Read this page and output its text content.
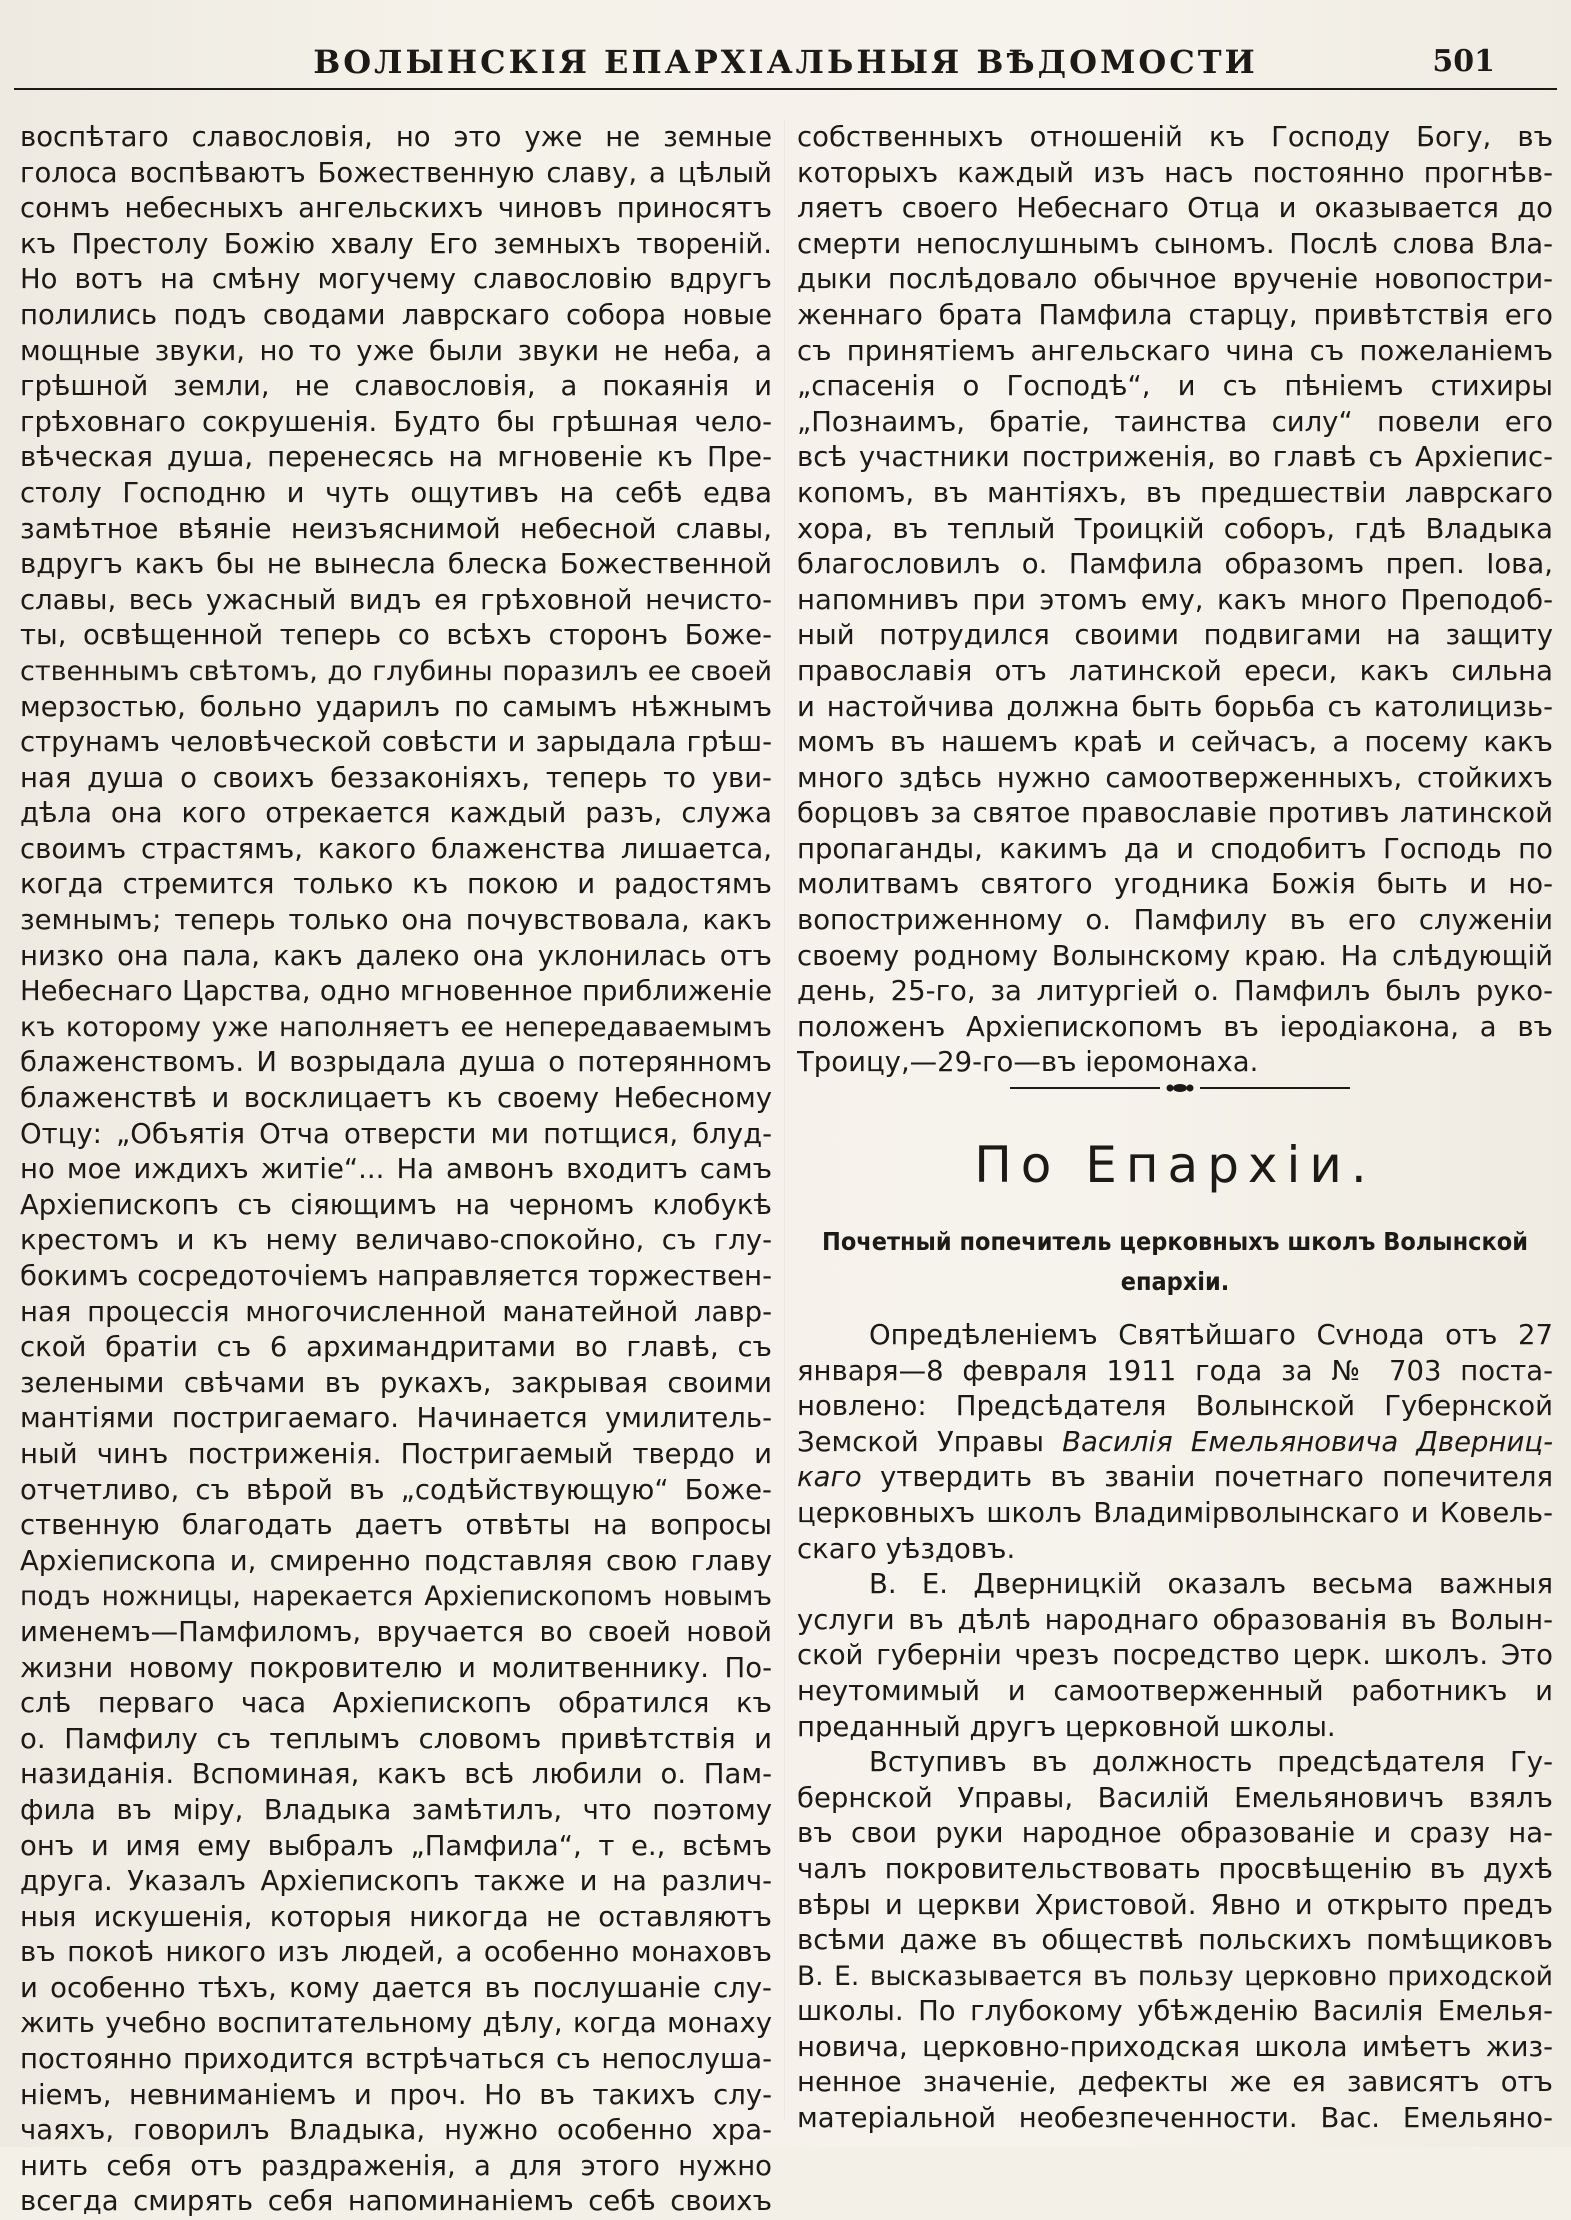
ВОЛЫНСКІЯ ЕПАРХІАЛЬНЫЯ ВѢДОМОСТИ	501
воспѣтаго славословія, но это уже не земные
голоса воспѣваютъ Божественную славу, а цѣлый
сонмъ небесныхъ ангельскихъ чиновъ приносятъ
къ Престолу Божію хвалу Его земныхъ твореній.
Но вотъ на смѣну могучему славословію вдругъ
полились подъ сводами лаврскаго собора новые
мощные звуки, но то уже были звуки не неба, а
грѣшной земли, не славословія, а покаянія и
грѣховнаго сокрушенія. Будто бы грѣшная чело-
вѣческая душа, перенесясь на мгновеніе къ Пре-
столу Господню и чуть ощутивъ на себѣ едва
замѣтное вѣяніе неизъяснимой небесной славы,
вдругъ какъ бы не вынесла блеска Божественной
славы, весь ужасный видъ ея грѣховной нечисто-
ты, освѣщенной теперь со всѣхъ сторонъ Боже-
ственнымъ свѣтомъ, до глубины поразилъ ее своей
мерзостью, больно ударилъ по самымъ нѣжнымъ
струнамъ человѣческой совѣсти и зарыдала грѣш-
ная душа о своихъ беззаконіяхъ, теперь то уви-
дѣла она кого отрекается каждый разъ, служа
своимъ страстямъ, какого блаженства лишаетса,
когда стремится только къ покою и радостямъ
земнымъ; теперь только она почувствовала, какъ
низко она пала, какъ далеко она уклонилась отъ
Небеснаго Царства, одно мгновенное приближеніе
къ которому уже наполняетъ ее непередаваемымъ
блаженствомъ. И возрыдала душа о потерянномъ
блаженствѣ и восклицаетъ къ своему Небесному
Отцу: „Объятія Отча отверсти ми потщися, блуд-
но мое иждихъ житіе“... На амвонъ входитъ самъ
Архіепископъ съ сіяющимъ на черномъ клобукѣ
крестомъ и къ нему величаво-спокойно, съ глу-
бокимъ сосредоточіемъ направляется торжествен-
ная процессія многочисленной манатейной лавр-
ской братіи съ 6 архимандритами во главѣ, съ
зелеными свѣчами въ рукахъ, закрывая своими
мантіями постригаемаго. Начинается умилитель-
ный чинъ постриженія. Постригаемый твердо и
отчетливо, съ вѣрой въ „содѣйствующую“ Боже-
ственную благодать даетъ отвѣты на вопросы
Архіепископа и, смиренно подставляя свою главу
подъ ножницы, нарекается Архіепископомъ новымъ
именемъ—Памфиломъ, вручается во своей новой
жизни новому покровителю и молитвеннику. По-
слѣ перваго часа Архіепископъ обратился къ
о. Памфилу съ теплымъ словомъ привѣтствія и
назиданія. Вспоминая, какъ всѣ любили о. Пам-
фила въ міру, Владыка замѣтилъ, что поэтому
онъ и имя ему выбралъ „Памфила“, т е., всѣмъ
друга. Указалъ Архіепископъ также и на различ-
ныя искушенія, которыя никогда не оставляютъ
въ покоѣ никого изъ людей, а особенно монаховъ
и особенно тѣхъ, кому дается въ послушаніе слу-
жить учебно воспитательному дѣлу, когда монаху
постоянно приходится встрѣчаться съ непослуша-
ніемъ, невниманіемъ и проч. Но въ такихъ слу-
чаяхъ, говорилъ Владыка, нужно особенно хра-
нить себя отъ раздраженія, а для этого нужно
всегда смирять себя напоминаніемъ себѣ своихъ
собственныхъ отношеній къ Господу Богу, въ
которыхъ каждый изъ насъ постоянно прогнѣв-
ляетъ своего Небеснаго Отца и оказывается до
смерти непослушнымъ сыномъ. Послѣ слова Вла-
дыки послѣдовало обычное врученіе новопостри-
женнаго брата Памфила старцу, привѣтствія его
съ принятіемъ ангельскаго чина съ пожеланіемъ
„спасенія о Господѣ“, и съ пѣніемъ стихиры
„Познаимъ, братіе, таинства силу“ повели его
всѣ участники постриженія, во главѣ съ Архіепис-
копомъ, въ мантіяхъ, въ предшествіи лаврскаго
хора, въ теплый Троицкій соборъ, гдѣ Владыка
благословилъ о. Памфила образомъ преп. Іова,
напомнивъ при этомъ ему, какъ много Преподоб-
ный потрудился своими подвигами на защиту
православія отъ латинской ереси, какъ сильна
и настойчива должна быть борьба съ католицизь-
момъ въ нашемъ краѣ и сейчасъ, а посему какъ
много здѣсь нужно самоотверженныхъ, стойкихъ
борцовъ за святое православіе противъ латинской
пропаганды, какимъ да и сподобитъ Господь по
молитвамъ святого угодника Божія быть и но-
вопостриженному о. Памфилу въ его служеніи
своему родному Волынскому краю. На слѣдующій
день, 25-го, за литургіей о. Памфилъ былъ руко-
положенъ Архіепископомъ въ іеродіакона, а въ
Троицу,—29-го—въ іеромонаха.
По Епархіи.
Почетный попечитель церковныхъ школъ Волынской
епархіи.
Опредѣленіемъ Святѣйшаго Сѵнода отъ 27
января—8 февраля 1911 года за № 703 поста-
новлено: Предсѣдателя Волынской Губернской
Земской Управы Василія Емельяновича Дверниц-
каго утвердить въ званіи почетнаго попечителя
церковныхъ школъ Владимірволынскаго и Ковель-
скаго уѣздовъ.
В. Е. Дверницкій оказалъ весьма важныя
услуги въ дѣлѣ народнаго образованія въ Волын-
ской губерніи чрезъ посредство церк. школъ. Это
неутомимый и самоотверженный работникъ и
преданный другъ церковной школы.
Вступивъ въ должность предсѣдателя Гу-
бернской Управы, Василій Емельяновичъ взялъ
въ свои руки народное образованіе и сразу на-
чалъ покровительствовать просвѣщенію въ духѣ
вѣры и церкви Христовой. Явно и открыто предъ
всѣми даже въ обществѣ польскихъ помѣщиковъ
В. Е. высказывается въ пользу церковно приходской
школы. По глубокому убѣжденію Василія Емелья-
новича, церковно-приходская школа имѣетъ жиз-
ненное значеніе, дефекты же ея зависятъ отъ
матеріальной необезпеченности. Вас. Емельяно-
